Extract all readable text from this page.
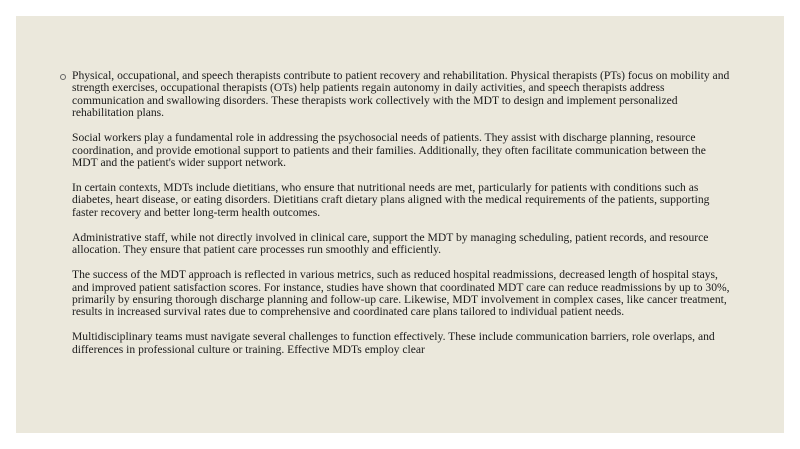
Physical, occupational, and speech therapists contribute to patient recovery and rehabilitation. Physical therapists (PTs) focus on mobility and strength exercises, occupational therapists (OTs) help patients regain autonomy in daily activities, and speech therapists address communication and swallowing disorders. These therapists work collectively with the MDT to design and implement personalized rehabilitation plans.

Social workers play a fundamental role in addressing the psychosocial needs of patients. They assist with discharge planning, resource coordination, and provide emotional support to patients and their families. Additionally, they often facilitate communication between the MDT and the patient's wider support network.

In certain contexts, MDTs include dietitians, who ensure that nutritional needs are met, particularly for patients with conditions such as diabetes, heart disease, or eating disorders. Dietitians craft dietary plans aligned with the medical requirements of the patients, supporting faster recovery and better long-term health outcomes.

Administrative staff, while not directly involved in clinical care, support the MDT by managing scheduling, patient records, and resource allocation. They ensure that patient care processes run smoothly and efficiently.

The success of the MDT approach is reflected in various metrics, such as reduced hospital readmissions, decreased length of hospital stays, and improved patient satisfaction scores. For instance, studies have shown that coordinated MDT care can reduce readmissions by up to 30%, primarily by ensuring thorough discharge planning and follow-up care. Likewise, MDT involvement in complex cases, like cancer treatment, results in increased survival rates due to comprehensive and coordinated care plans tailored to individual patient needs.

Multidisciplinary teams must navigate several challenges to function effectively. These include communication barriers, role overlaps, and differences in professional culture or training. Effective MDTs employ clear
